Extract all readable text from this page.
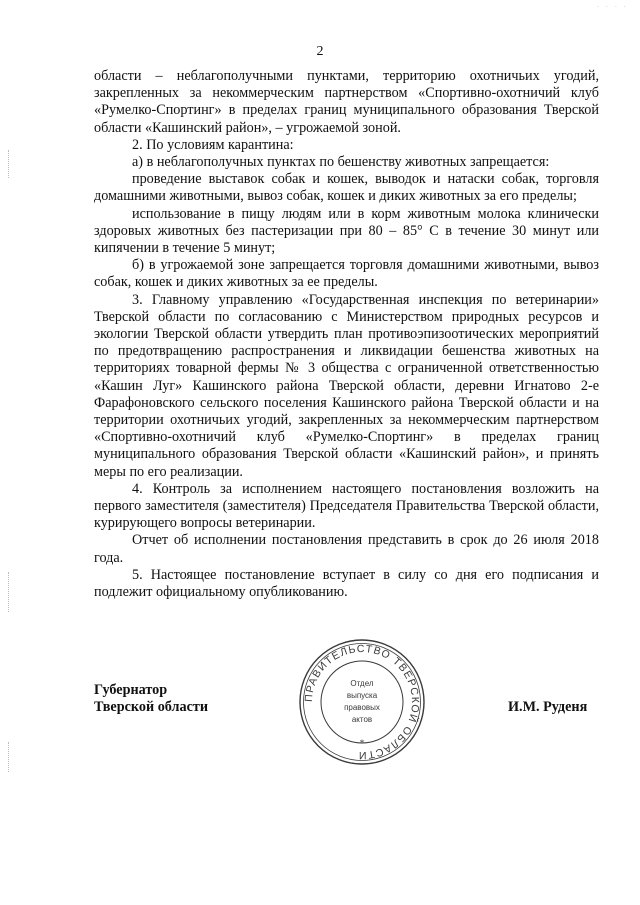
· · · ·
2

области – неблагополучными пунктами, территорию охотничьих угодий, закрепленных за некоммерческим партнерством «Спортивно-охотничий клуб «Румелко-Спортинг» в пределах границ муниципального образования Тверской области «Кашинский район», – угрожаемой зоной.

2. По условиям карантина:

а) в неблагополучных пунктах по бешенству животных запрещается:

проведение выставок собак и кошек, выводок и натаски собак, торговля домашними животными, вывоз собак, кошек и диких животных за его пределы;

использование в пищу людям или в корм животным молока клинически здоровых животных без пастеризации при 80 – 85° С в течение 30 минут или кипячении в течение 5 минут;

б) в угрожаемой зоне запрещается торговля домашними животными, вывоз собак, кошек и диких животных за ее пределы.

3. Главному управлению «Государственная инспекция по ветеринарии» Тверской области по согласованию с Министерством природных ресурсов и экологии Тверской области утвердить план противоэпизоотических мероприятий по предотвращению распространения и ликвидации бешенства животных на территориях товарной фермы № 3 общества с ограниченной ответственностью «Кашин Луг» Кашинского района Тверской области, деревни Игнатово 2-е Фарафоновского сельского поселения Кашинского района Тверской области и на территории охотничьих угодий, закрепленных за некоммерческим партнерством «Спортивно-охотничий клуб «Румелко-Спортинг» в пределах границ муниципального образования Тверской области «Кашинский район», и принять меры по его реализации.

4. Контроль за исполнением настоящего постановления возложить на первого заместителя (заместителя) Председателя Правительства Тверской области, курирующего вопросы ветеринарии.

Отчет об исполнении постановления представить в срок до 26 июля 2018 года.

5. Настоящее постановление вступает в силу со дня его подписания и подлежит официальному опубликованию.

Губернатор
Тверской области	И.М. Руденя
ПРАВИТЕЛЬСТВО ТВЕРСКОЙ ОБЛАСТИ
Отдел
выпуска
правовых
актов
*
